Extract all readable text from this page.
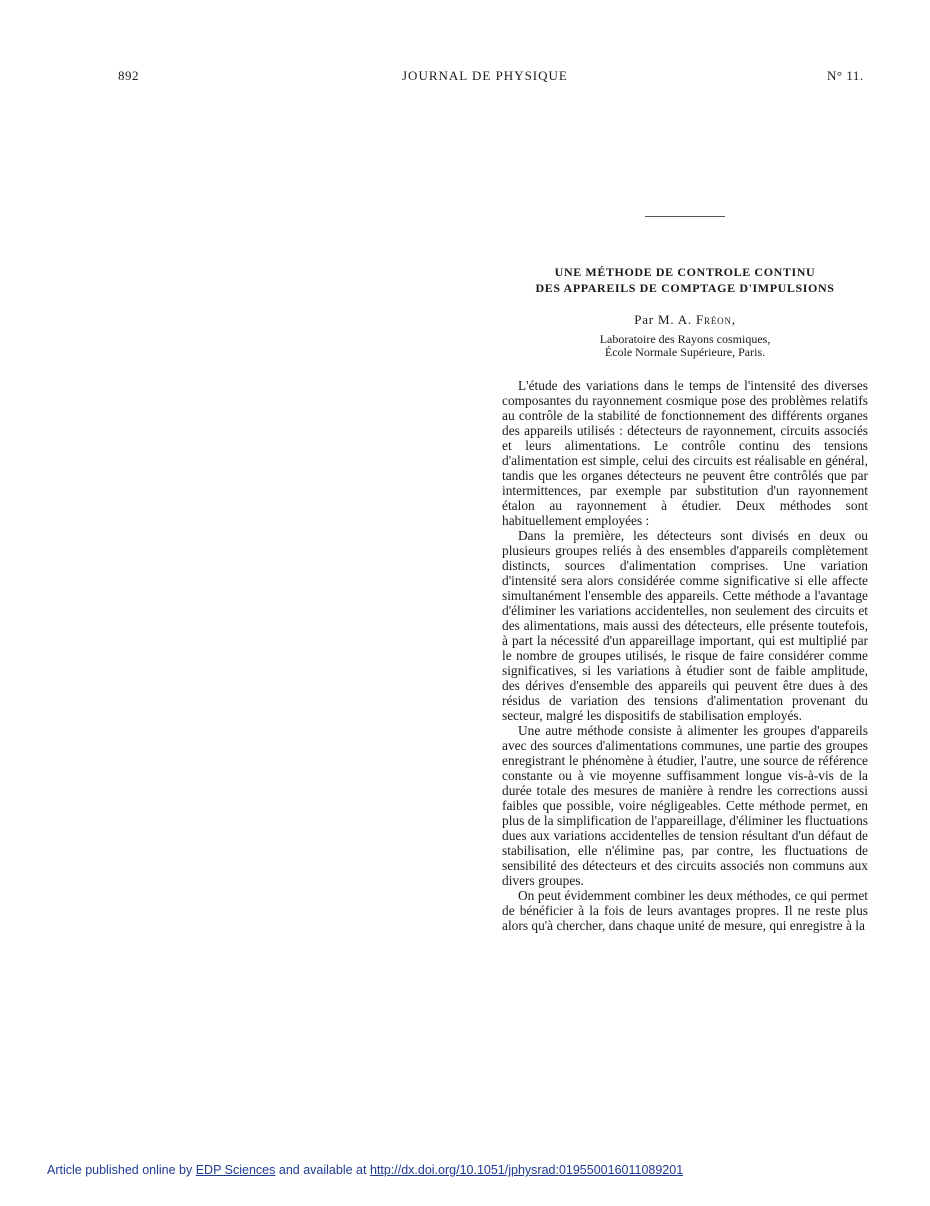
892	JOURNAL DE PHYSIQUE	N° 11.
UNE MÉTHODE DE CONTROLE CONTINU
DES APPAREILS DE COMPTAGE D'IMPULSIONS
Par M. A. Fréon,
Laboratoire des Rayons cosmiques,
École Normale Supérieure, Paris.

L'étude des variations dans le temps de l'intensité des diverses composantes du rayonnement cosmique pose des problèmes relatifs au contrôle de la stabilité de fonctionnement des différents organes des appareils utilisés : détecteurs de rayonnement, circuits associés et leurs alimentations. Le contrôle continu des tensions d'alimentation est simple, celui des circuits est réalisable en général, tandis que les organes détecteurs ne peuvent être contrôlés que par intermittences, par exemple par substitution d'un rayonnement étalon au rayonnement à étudier. Deux méthodes sont habituellement employées :

Dans la première, les détecteurs sont divisés en deux ou plusieurs groupes reliés à des ensembles d'appareils complètement distincts, sources d'alimentation comprises. Une variation d'intensité sera alors considérée comme significative si elle affecte simultanément l'ensemble des appareils. Cette méthode a l'avantage d'éliminer les variations accidentelles, non seulement des circuits et des alimentations, mais aussi des détecteurs, elle présente toutefois, à part la nécessité d'un appareillage important, qui est multiplié par le nombre de groupes utilisés, le risque de faire considérer comme significatives, si les variations à étudier sont de faible amplitude, des dérives d'ensemble des appareils qui peuvent être dues à des résidus de variation des tensions d'alimentation provenant du secteur, malgré les dispositifs de stabilisation employés.

Une autre méthode consiste à alimenter les groupes d'appareils avec des sources d'alimentations communes, une partie des groupes enregistrant le phénomène à étudier, l'autre, une source de référence constante ou à vie moyenne suffisamment longue vis-à-vis de la durée totale des mesures de manière à rendre les corrections aussi faibles que possible, voire négligeables. Cette méthode permet, en plus de la simplification de l'appareillage, d'éliminer les fluctuations dues aux variations accidentelles de tension résultant d'un défaut de stabilisation, elle n'élimine pas, par contre, les fluctuations de sensibilité des détecteurs et des circuits associés non communs aux divers groupes.

On peut évidemment combiner les deux méthodes, ce qui permet de bénéficier à la fois de leurs avantages propres. Il ne reste plus alors qu'à chercher, dans chaque unité de mesure, qui enregistre à la

Article published online by EDP Sciences and available at http://dx.doi.org/10.1051/jphysrad:019550016011089201
